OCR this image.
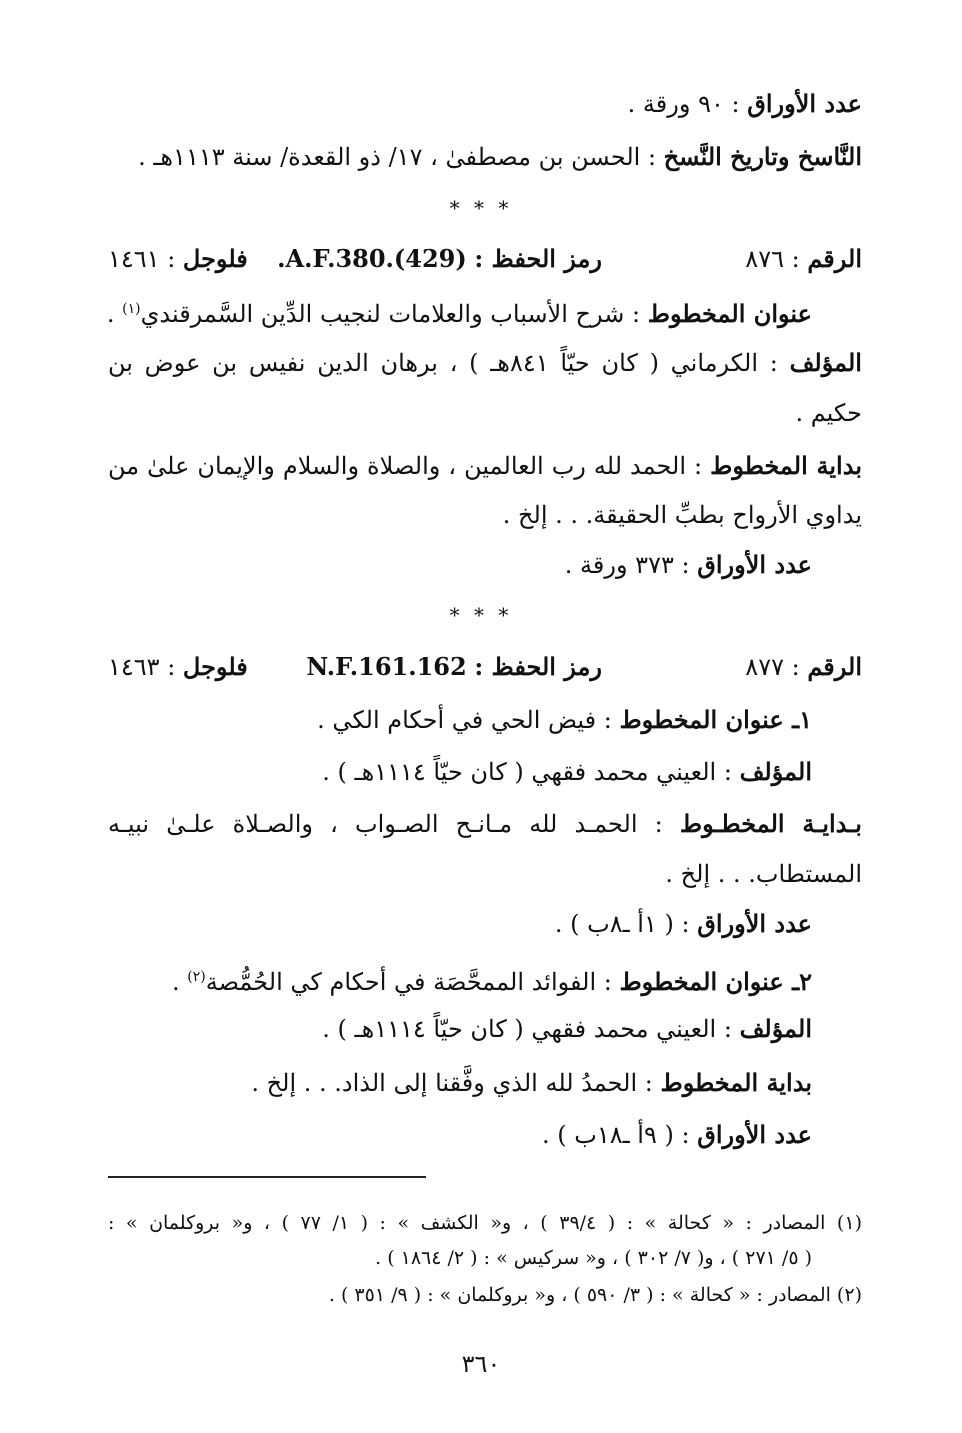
عدد الأوراق : ٩٠ ورقة .
النَّاسخ وتاريخ النَّسخ : الحسن بن مصطفىٰ ، ١٧/ ذو القعدة/ سنة ١١١٣هـ .
* * *
الرقم : ٨٧٦
رمز الحفظ : A.F.380.(429).
فلوجل : ١٤٦١
عنوان المخطوط : شرح الأسباب والعلامات لنجيب الدِّين السَّمرقندي$^{(١)}$ .
المؤلف : الكرماني ( كان حيّاً ٨٤١هـ ) ، برهان الدين نفيس بن عوض بن
حكيم .
بداية المخطوط : الحمد لله رب العالمين ، والصلاة والسلام والإيمان علىٰ من
يداوي الأرواح بطبِّ الحقيقة. . . إلخ .
عدد الأوراق : ٣٧٣ ورقة .
* * *
الرقم : ٨٧٧
رمز الحفظ : N.F.161.162
فلوجل : ١٤٦٣
١ـ عنوان المخطوط : فيض الحي في أحكام الكي .
المؤلف : العيني محمد فقهي ( كان حيّاً ١١١٤هـ ) .
بـدايـة المخطـوط : الحمـد لله مـانـح الصـواب ، والصـلاة علـىٰ نبيـه
المستطاب. . . إلخ .
عدد الأوراق : ( ١أ ـ٨ب ) .
٢ـ عنوان المخطوط : الفوائد الممحَّصَة في أحكام كي الحُمُّصة$^{(٢)}$ .
المؤلف : العيني محمد فقهي ( كان حيّاً ١١١٤هـ ) .
بداية المخطوط : الحمدُ لله الذي وفَّقنا إلى الذاد. . . إلخ .
عدد الأوراق : ( ٩أ ـ١٨ب ) .
(١) المصادر : « كحالة » : ( ٣٩/٤ ) ، و« الكشف » : ( ١/ ٧٧ ) ، و« بروكلمان » :
( ٥/ ٢٧١ ) ، و( ٧/ ٣٠٢ ) ، و« سركيس » : ( ٢/ ١٨٦٤ ) .
(٢) المصادر : « كحالة » : ( ٣/ ٥٩٠ ) ، و« بروكلمان » : ( ٩/ ٣٥١ ) .
٣٦٠
